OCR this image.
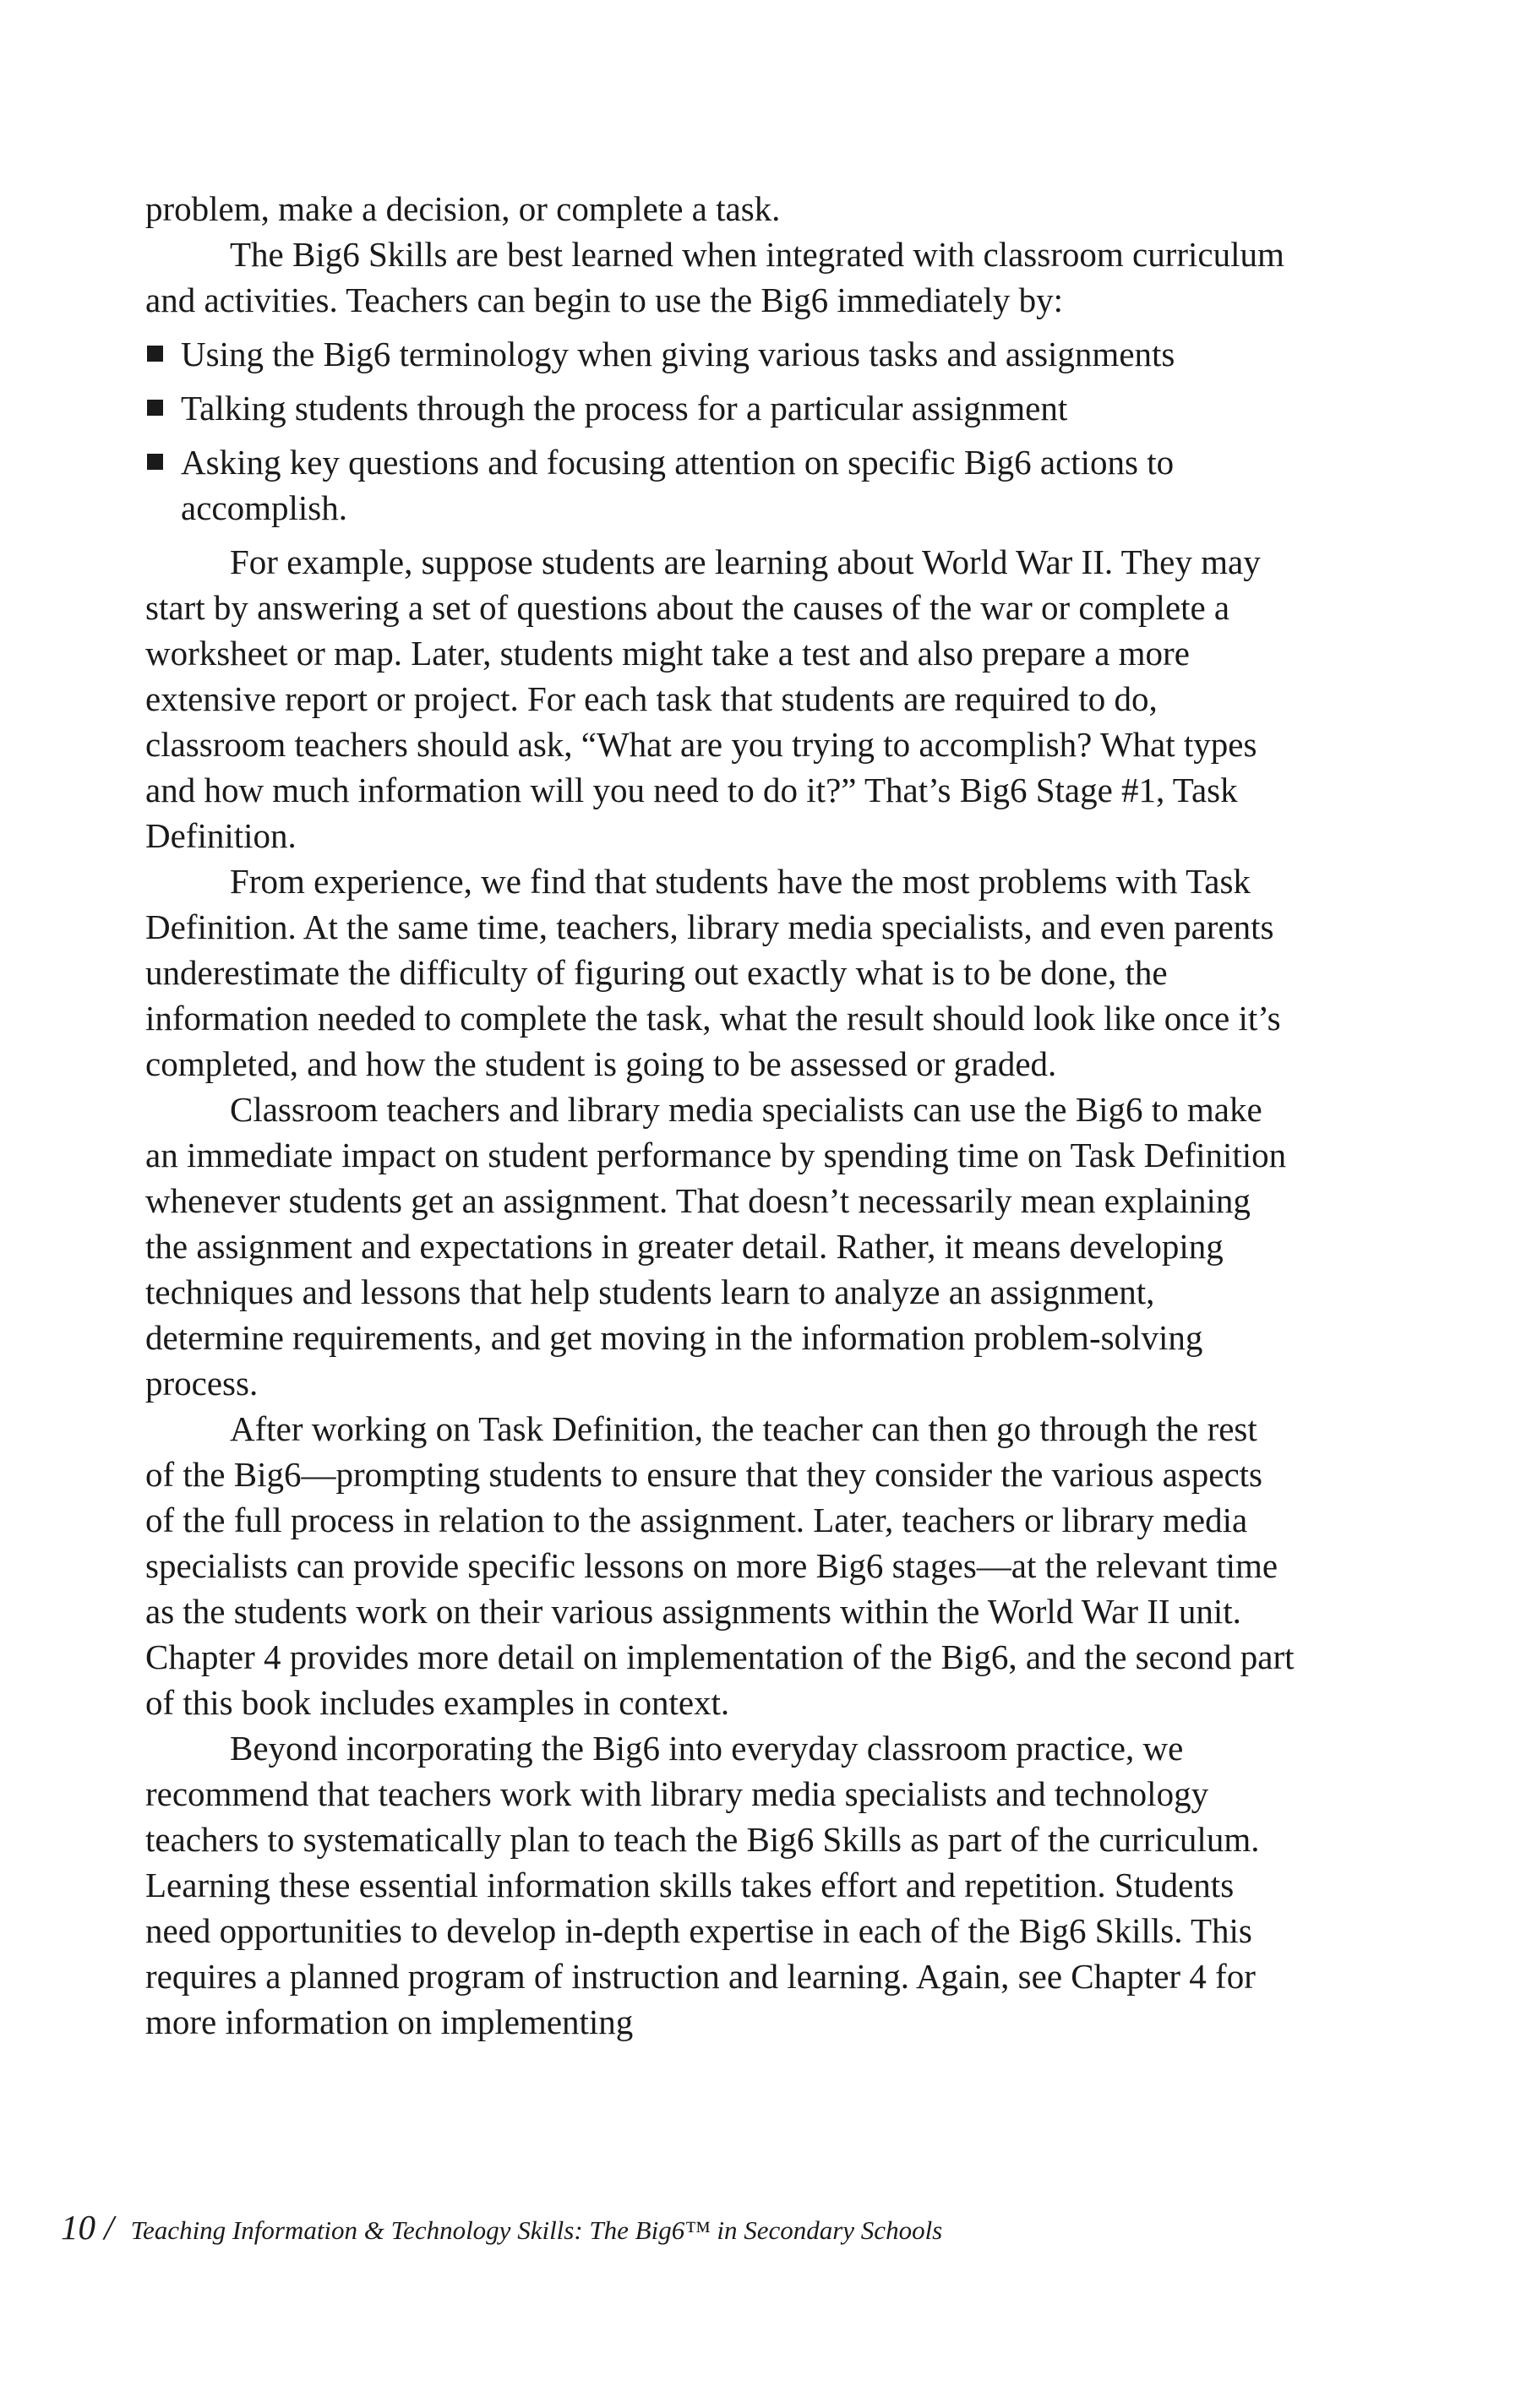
problem, make a decision, or complete a task.

The Big6 Skills are best learned when integrated with classroom curriculum and activities. Teachers can begin to use the Big6 immediately by:

Using the Big6 terminology when giving various tasks and assignments
Talking students through the process for a particular assignment
Asking key questions and focusing attention on specific Big6 actions to accomplish.

For example, suppose students are learning about World War II. They may start by answering a set of questions about the causes of the war or complete a worksheet or map. Later, students might take a test and also prepare a more extensive report or project. For each task that students are required to do, classroom teachers should ask, “What are you trying to accomplish? What types and how much information will you need to do it?” That’s Big6 Stage #1, Task Definition.

From experience, we find that students have the most problems with Task Definition. At the same time, teachers, library media specialists, and even parents underestimate the difficulty of figuring out exactly what is to be done, the information needed to complete the task, what the result should look like once it’s completed, and how the student is going to be assessed or graded.

Classroom teachers and library media specialists can use the Big6 to make an immediate impact on student performance by spending time on Task Definition whenever students get an assignment. That doesn’t necessarily mean explaining the assignment and expectations in greater detail. Rather, it means developing techniques and lessons that help students learn to analyze an assignment, determine requirements, and get moving in the information problem-solving process.

After working on Task Definition, the teacher can then go through the rest of the Big6—prompting students to ensure that they consider the various aspects of the full process in relation to the assignment. Later, teachers or library media specialists can provide specific lessons on more Big6 stages—at the relevant time as the students work on their various assignments within the World War II unit. Chapter 4 provides more detail on implementation of the Big6, and the second part of this book includes examples in context.

Beyond incorporating the Big6 into everyday classroom practice, we recommend that teachers work with library media specialists and technology teachers to systematically plan to teach the Big6 Skills as part of the curriculum. Learning these essential information skills takes effort and repetition. Students need opportunities to develop in-depth expertise in each of the Big6 Skills. This requires a planned program of instruction and learning. Again, see Chapter 4 for more information on implementing

10 / Teaching Information & Technology Skills: The Big6™ in Secondary Schools
